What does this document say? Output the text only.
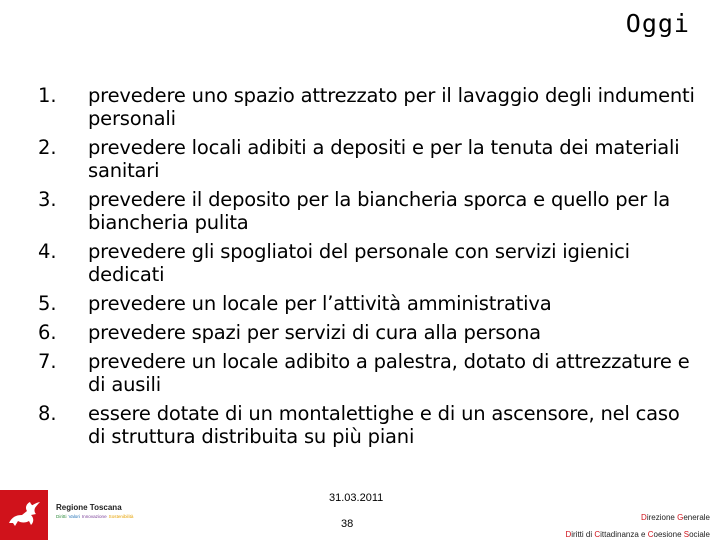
Oggi
1.	prevedere uno spazio attrezzato per il lavaggio degli indumenti personali
2.	prevedere locali adibiti a depositi e per la tenuta dei materiali sanitari
3.	prevedere il deposito per la biancheria sporca e quello per la biancheria pulita
4.	prevedere gli spogliatoi del personale con servizi igienici dedicati
5.	prevedere un locale per l’attività amministrativa
6.	prevedere spazi per servizi di cura alla persona
7.	prevedere un locale adibito a palestra, dotato di attrezzature e di ausili
8.	essere dotate di un montalettighe e di un ascensore, nel caso di struttura distribuita su più piani
Regione Toscana
Diritti Valori Innovazione Sostenibilità
31.03.2011
38
Direzione Generale
Diritti di Cittadinanza e Coesione Sociale
